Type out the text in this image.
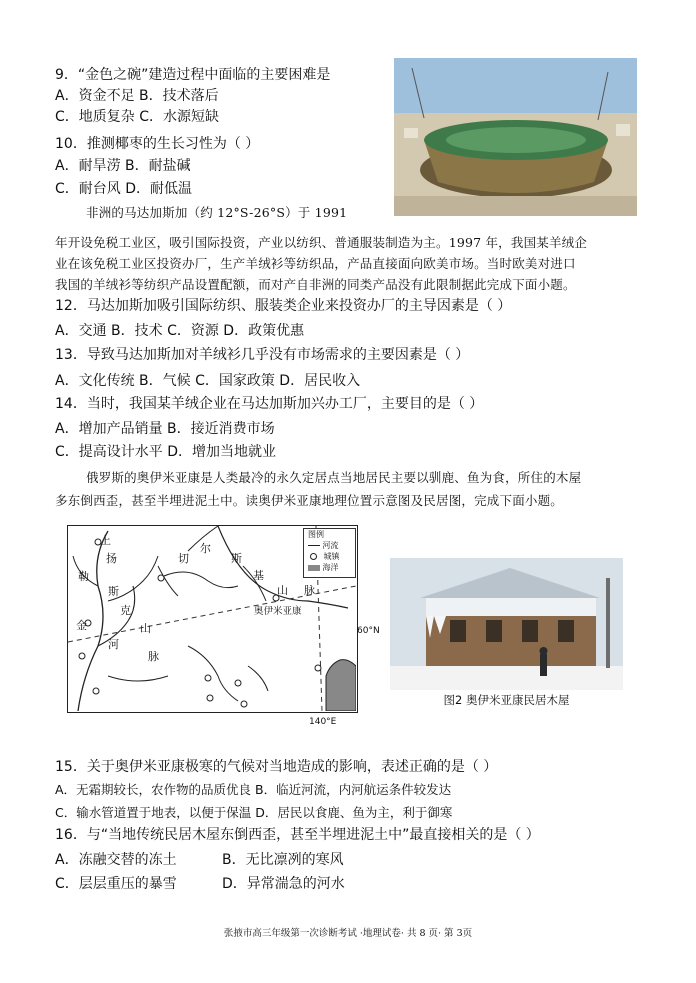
9．“金色之碗”建造过程中面临的主要困难是
A．资金不足 B．技术落后
C．地质复杂 C．水源短缺
10．推测椰枣的生长习性为（ ）
A．耐旱涝 B．耐盐碱
C．耐台风 D．耐低温
非洲的马达加斯加（约 12°S-26°S）于 1991
年开设免税工业区，吸引国际投资，产业以纺织、普通服装制造为主。1997 年，我国某羊绒企
业在该免税工业区投资办厂，生产羊绒衫等纺织品，产品直接面向欧美市场。当时欧美对进口
我国的羊绒衫等纺织产品设置配额，而对产自非洲的同类产品没有此限制据此完成下面小题。
12．马达加斯加吸引国际纺织、服装类企业来投资办厂的主导因素是（ ）
A．交通 B．技术 C．资源 D．政策优惠
13．导致马达加斯加对羊绒衫几乎没有市场需求的主要因素是（ ）
A．文化传统 B．气候 C．国家政策 D．居民收入
14．当时，我国某羊绒企业在马达加斯加兴办工厂，主要目的是（ ）
A．增加产品销量 B．接近消费市场
C．提高设计水平 D．增加当地就业
俄罗斯的奥伊米亚康是人类最冷的永久定居点当地居民主要以驯鹿、鱼为食，所住的木屋
多东倒西歪，甚至半埋进泥土中。读奥伊米亚康地理位置示意图及民居图，完成下面小题。
上
扬
勒
斯
克
山
金
河
脉
切
尔
斯
基
山 脉
奥伊米亚康
图例
河流
城镇
海洋
60°N
140°E
图2 奥伊米亚康民居木屋
15．关于奥伊米亚康极寒的气候对当地造成的影响，表述正确的是（ ）
A．无霜期较长，农作物的品质优良 B．临近河流，内河航运条件较发达
C．输水管道置于地表，以便于保温 D．居民以食鹿、鱼为主，利于御寒
16．与“当地传统民居木屋东倒西歪，甚至半埋进泥土中”最直接相关的是（ ）
A．冻融交替的冻土	B．无比凛冽的寒风
C．层层重压的暴雪	D．异常湍急的河水
张掖市高三年级第一次诊断考试 ·地理试卷· 共 8 页· 第 3页
